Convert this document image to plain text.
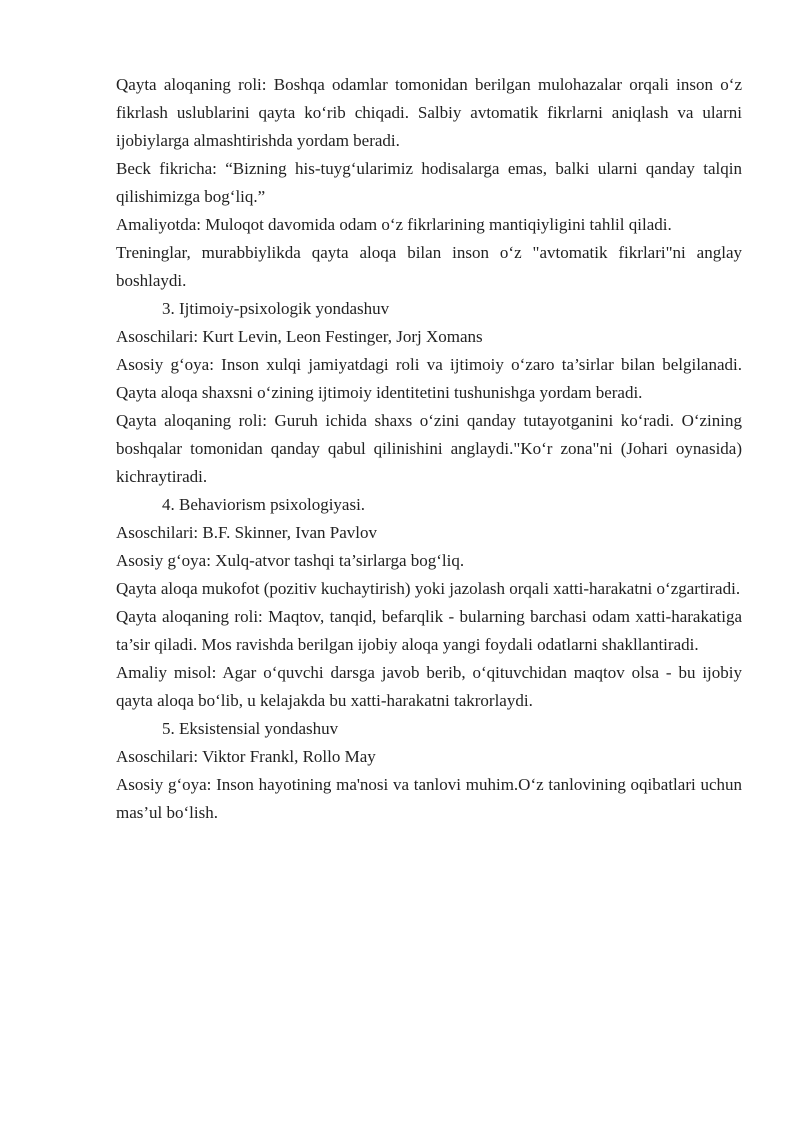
Qayta aloqaning roli: Boshqa odamlar tomonidan berilgan mulohazalar orqali inson o‘z fikrlash uslublarini qayta ko‘rib chiqadi. Salbiy avtomatik fikrlarni aniqlash va ularni ijobiylarga almashtirishda yordam beradi.

Beck fikricha: “Bizning his-tuyg‘ularimiz hodisalarga emas, balki ularni qanday talqin qilishimizga bog‘liq.”

Amaliyotda: Muloqot davomida odam o‘z fikrlarining mantiqiyligini tahlil qiladi.

Treninglar, murabbiylikda qayta aloqa bilan inson o‘z "avtomatik fikrlari"ni anglay boshlaydi.

3. Ijtimoiy-psixologik yondashuv

Asoschilari: Kurt Levin, Leon Festinger, Jorj Xomans

Asosiy g‘oya: Inson xulqi jamiyatdagi roli va ijtimoiy o‘zaro ta’sirlar bilan belgilanadi. Qayta aloqa shaxsni o‘zining ijtimoiy identitetini tushunishga yordam beradi.

Qayta aloqaning roli: Guruh ichida shaxs o‘zini qanday tutayotganini ko‘radi. O‘zining boshqalar tomonidan qanday qabul qilinishini anglaydi."Ko‘r zona"ni (Johari oynasida) kichraytiradi.

4. Behaviorism psixologiyasi.

Asoschilari: B.F. Skinner, Ivan Pavlov

Asosiy g‘oya: Xulq-atvor tashqi ta’sirlarga bog‘liq.

Qayta aloqa mukofot (pozitiv kuchaytirish) yoki jazolash orqali xatti-harakatni o‘zgartiradi.

Qayta aloqaning roli: Maqtov, tanqid, befarqlik - bularning barchasi odam xatti-harakatiga ta’sir qiladi. Mos ravishda berilgan ijobiy aloqa yangi foydali odatlarni shakllantiradi.

Amaliy misol: Agar o‘quvchi darsga javob berib, o‘qituvchidan maqtov olsa - bu ijobiy qayta aloqa bo‘lib, u kelajakda bu xatti-harakatni takrorlaydi.

5. Eksistensial yondashuv

Asoschilari: Viktor Frankl, Rollo May

Asosiy g‘oya: Inson hayotining ma'nosi va tanlovi muhim.O‘z tanlovining oqibatlari uchun mas’ul bo‘lish.
